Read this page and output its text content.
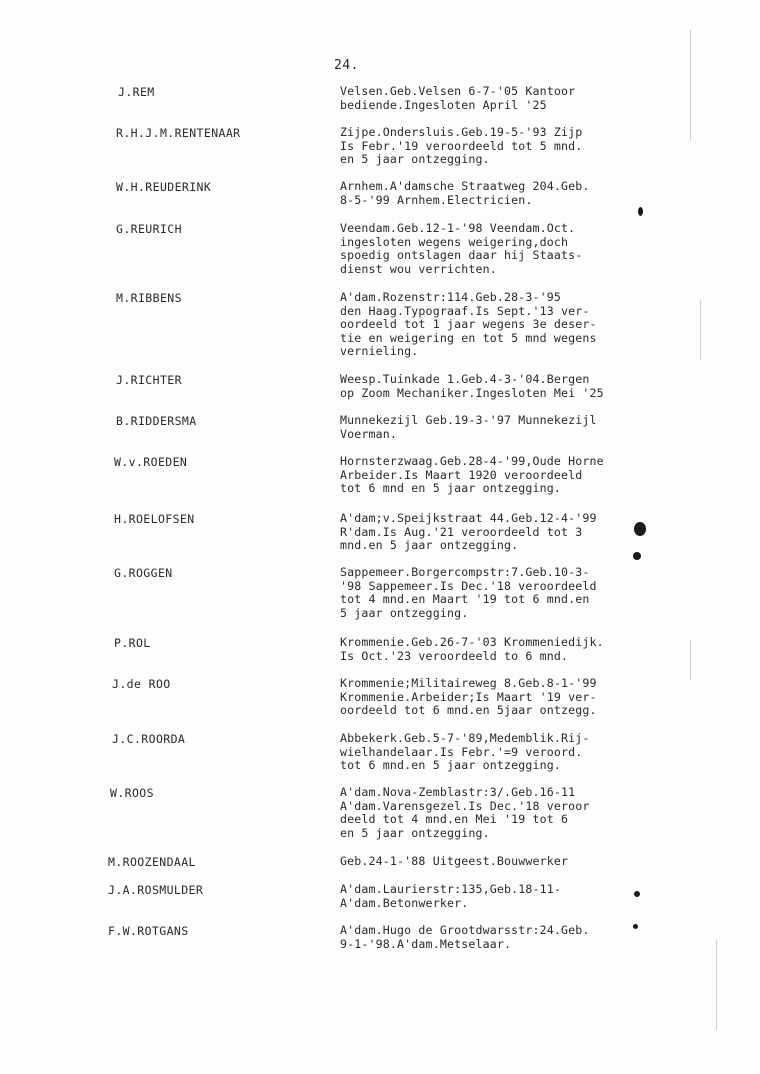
24.
J.REM	Velsen.Geb.Velsen 6-7-'05 Kantoor
bediende.Ingesloten April '25
R.H.J.M.RENTENAAR	Zijpe.Ondersluis.Geb.19-5-'93 Zijp
Is Febr.'19 veroordeeld tot 5 mnd.
en 5 jaar ontzegging.
W.H.REUDERINK	Arnhem.A'damsche Straatweg 204.Geb.
8-5-'99 Arnhem.Electricien.
G.REURICH	Veendam.Geb.12-1-'98 Veendam.Oct.
ingesloten wegens weigering,doch
spoedig ontslagen daar hij Staats-
dienst wou verrichten.
M.RIBBENS	A'dam.Rozenstr:114.Geb.28-3-'95
den Haag.Typograaf.Is Sept.'13 ver-
oordeeld tot 1 jaar wegens 3e deser-
tie en weigering en tot 5 mnd wegens
vernieling.
J.RICHTER	Weesp.Tuinkade 1.Geb.4-3-'04.Bergen
op Zoom Mechaniker.Ingesloten Mei '25
B.RIDDERSMA	Munnekezijl Geb.19-3-'97 Munnekezijl
Voerman.
W.v.ROEDEN	Hornsterzwaag.Geb.28-4-'99,Oude Horne
Arbeider.Is Maart 1920 veroordeeld
tot 6 mnd en 5 jaar ontzegging.
H.ROELOFSEN	A'dam;v.Speijkstraat 44.Geb.12-4-'99
R'dam.Is Aug.'21 veroordeeld tot 3
mnd.en 5 jaar ontzegging.
G.ROGGEN	Sappemeer.Borgercompstr:7.Geb.10-3-
'98 Sappemeer.Is Dec.'18 veroordeeld
tot 4 mnd.en Maart '19 tot 6 mnd.en
5 jaar ontzegging.
P.ROL	Krommenie.Geb.26-7-'03 Krommeniedijk.
Is Oct.'23 veroordeeld to 6 mnd.
J.de ROO	Krommenie;Militaireweg 8.Geb.8-1-'99
Krommenie.Arbeider;Is Maart '19 ver-
oordeeld tot 6 mnd.en 5jaar ontzegg.
J.C.ROORDA	Abbekerk.Geb.5-7-'89,Medemblik.Rij-
wielhandelaar.Is Febr.'=9 veroord.
tot 6 mnd.en 5 jaar ontzegging.
W.ROOS	A'dam.Nova-Zemblastr:3/.Geb.16-11
A'dam.Varensgezel.Is Dec.'18 veroor
deeld tot 4 mnd.en Mei '19 tot 6
en 5 jaar ontzegging.
M.ROOZENDAAL	Geb.24-1-'88 Uitgeest.Bouwwerker
J.A.ROSMULDER	A'dam.Laurierstr:135,Geb.18-11-
A'dam.Betonwerker.
F.W.ROTGANS	A'dam.Hugo de Grootdwarsstr:24.Geb.
9-1-'98.A'dam.Metselaar.
